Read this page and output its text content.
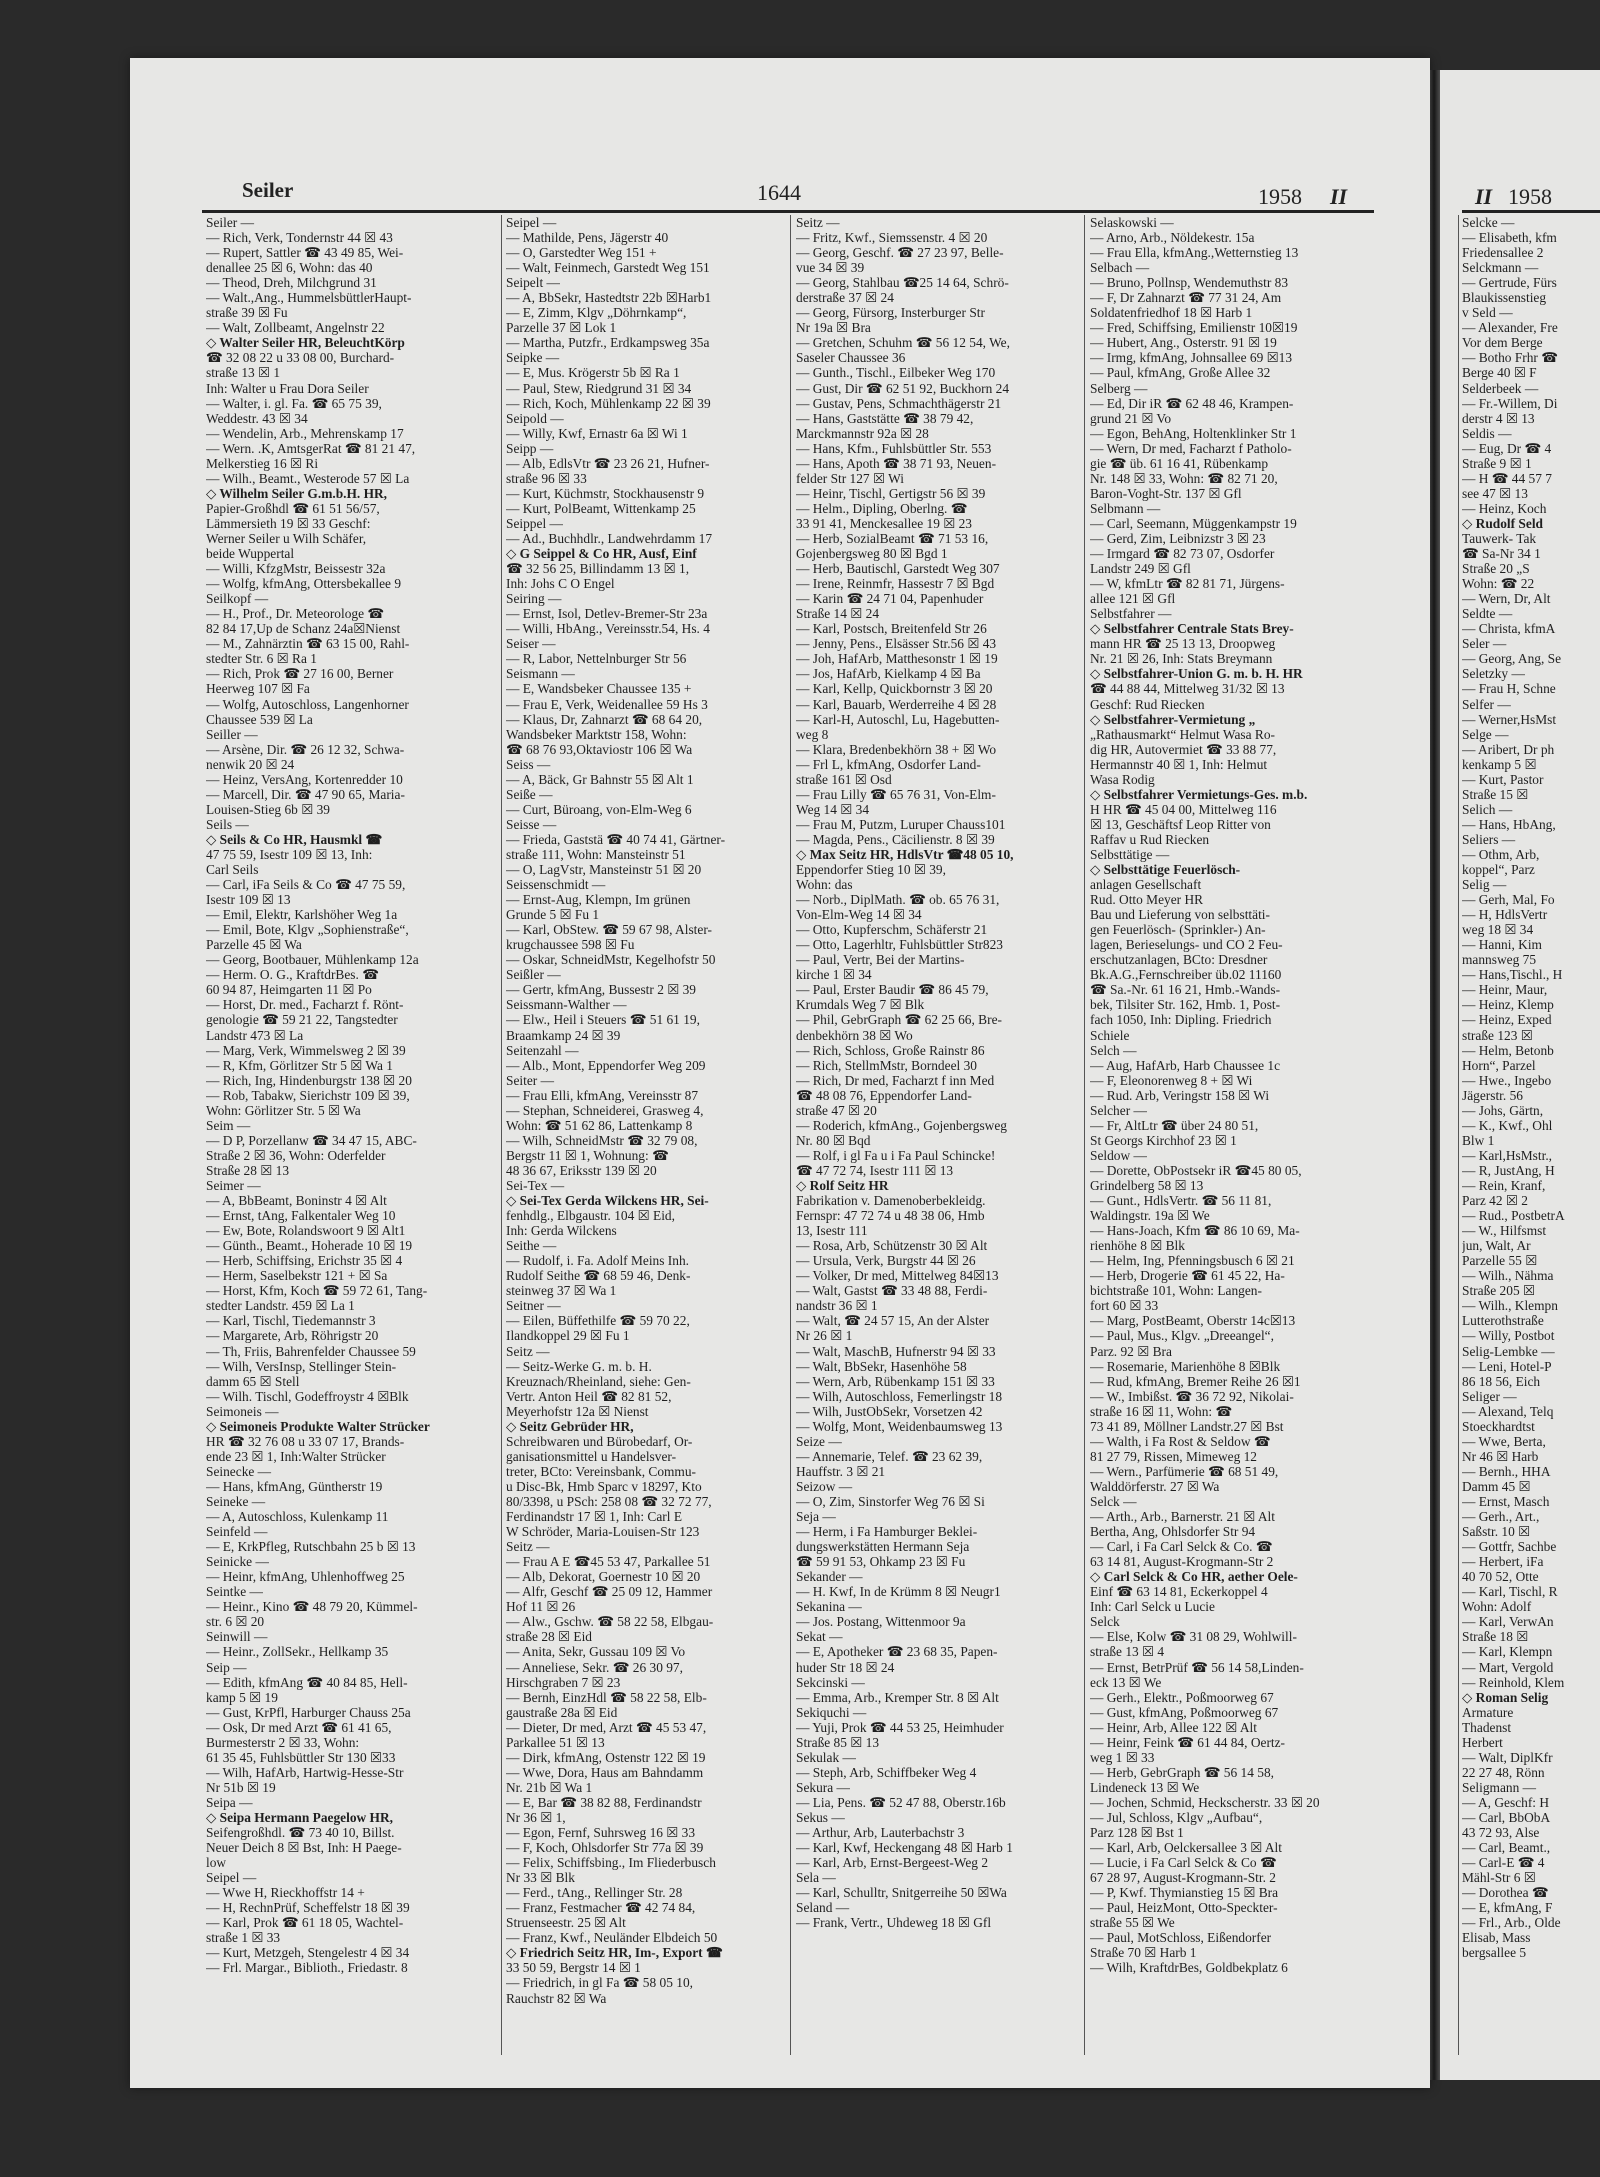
Seiler	1644	1958 II	II 1958
Seiler —
— Rich, Verk, Tondernstr 44 ☒ 43
— Rupert, Sattler ☎ 43 49 85, Wei-
denallee 25 ☒ 6, Wohn: das 40
— Theod, Dreh, Milchgrund 31
— Walt.,Ang., HummelsbüttlerHaupt-
straße 39 ☒ Fu
— Walt, Zollbeamt, Angelnstr 22
◇ Walter Seiler HR, BeleuchtKörp
☎ 32 08 22 u 33 08 00, Burchard-
straße 13 ☒ 1
Inh: Walter u Frau Dora Seiler
— Walter, i. gl. Fa. ☎ 65 75 39,
Weddestr. 43 ☒ 34
— Wendelin, Arb., Mehrenskamp 17
— Wern. .K, AmtsgerRat ☎ 81 21 47,
Melkerstieg 16 ☒ Ri
— Wilh., Beamt., Westerode 57 ☒ La
◇ Wilhelm Seiler G.m.b.H. HR,
Papier-Großhdl ☎ 61 51 56/57,
Lämmersieth 19 ☒ 33 Geschf:
Werner Seiler u Wilh Schäfer,
beide Wuppertal
— Willi, KfzgMstr, Beissestr 32a
— Wolfg, kfmAng, Ottersbekallee 9
Seilkopf —
— H., Prof., Dr. Meteorologe ☎
82 84 17,Up de Schanz 24a☒Nienst
— M., Zahnärztin ☎ 63 15 00, Rahl-
stedter Str. 6 ☒ Ra 1
— Rich, Prok ☎ 27 16 00, Berner
Heerweg 107 ☒ Fa
— Wolfg, Autoschloss, Langenhorner
Chaussee 539 ☒ La
Seiller —
— Arsène, Dir. ☎ 26 12 32, Schwa-
nenwik 20 ☒ 24
— Heinz, VersAng, Kortenredder 10
— Marcell, Dir. ☎ 47 90 65, Maria-
Louisen-Stieg 6b ☒ 39
Seils —
◇ Seils & Co HR, Hausmkl ☎
47 75 59, Isestr 109 ☒ 13, Inh:
Carl Seils
— Carl, iFa Seils & Co ☎ 47 75 59,
Isestr 109 ☒ 13
— Emil, Elektr, Karlshöher Weg 1a
— Emil, Bote, Klgv „Sophienstraße“,
Parzelle 45 ☒ Wa
— Georg, Bootbauer, Mühlenkamp 12a
— Herm. O. G., KraftdrBes. ☎
60 94 87, Heimgarten 11 ☒ Po
— Horst, Dr. med., Facharzt f. Rönt-
genologie ☎ 59 21 22, Tangstedter
Landstr 473 ☒ La
— Marg, Verk, Wimmelsweg 2 ☒ 39
— R, Kfm, Görlitzer Str 5 ☒ Wa 1
— Rich, Ing, Hindenburgstr 138 ☒ 20
— Rob, Tabakw, Sierichstr 109 ☒ 39,
Wohn: Görlitzer Str. 5 ☒ Wa
Seim —
— D P, Porzellanw ☎ 34 47 15, ABC-
Straße 2 ☒ 36, Wohn: Oderfelder
Straße 28 ☒ 13
Seimer —
— A, BbBeamt, Boninstr 4 ☒ Alt
— Ernst, tAng, Falkentaler Weg 10
— Ew, Bote, Rolandswoort 9 ☒ Alt1
— Günth., Beamt., Hoherade 10 ☒ 19
— Herb, Schiffsing, Erichstr 35 ☒ 4
— Herm, Saselbekstr 121 + ☒ Sa
— Horst, Kfm, Koch ☎ 59 72 61, Tang-
stedter Landstr. 459 ☒ La 1
— Karl, Tischl, Tiedemannstr 3
— Margarete, Arb, Röhrigstr 20
— Th, Friis, Bahrenfelder Chaussee 59
— Wilh, VersInsp, Stellinger Stein-
damm 65 ☒ Stell
— Wilh. Tischl, Godeffroystr 4 ☒Blk
Seimoneis —
◇ Seimoneis Produkte Walter Strücker
HR ☎ 32 76 08 u 33 07 17, Brands-
ende 23 ☒ 1, Inh:Walter Strücker
Seinecke —
— Hans, kfmAng, Güntherstr 19
Seineke —
— A, Autoschloss, Kulenkamp 11
Seinfeld —
— E, KrkPfleg, Rutschbahn 25 b ☒ 13
Seinicke —
— Heinr, kfmAng, Uhlenhoffweg 25
Seintke —
— Heinr., Kino ☎ 48 79 20, Kümmel-
str. 6 ☒ 20
Seinwill —
— Heinr., ZollSekr., Hellkamp 35
Seip —
— Edith, kfmAng ☎ 40 84 85, Hell-
kamp 5 ☒ 19
— Gust, KrPfl, Harburger Chauss 25a
— Osk, Dr med Arzt ☎ 61 41 65,
Burmesterstr 2 ☒ 33, Wohn:
61 35 45, Fuhlsbüttler Str 130 ☒33
— Wilh, HafArb, Hartwig-Hesse-Str
Nr 51b ☒ 19
Seipa —
◇ Seipa Hermann Paegelow HR,
Seifengroßhdl. ☎ 73 40 10, Billst.
Neuer Deich 8 ☒ Bst, Inh: H Paege-
low
Seipel —
— Wwe H, Rieckhoffstr 14 +
— H, RechnPrüf, Scheffelstr 18 ☒ 39
— Karl, Prok ☎ 61 18 05, Wachtel-
straße 1 ☒ 33
— Kurt, Metzgeh, Stengelestr 4 ☒ 34
— Frl. Margar., Biblioth., Friedastr. 8
Seipel —
— Mathilde, Pens, Jägerstr 40
— O, Garstedter Weg 151 +
— Walt, Feinmech, Garstedt Weg 151
Seipelt —
— A, BbSekr, Hastedtstr 22b ☒Harb1
— E, Zimm, Klgv „Döhrnkamp“,
Parzelle 37 ☒ Lok 1
— Martha, Putzfr., Erdkampsweg 35a
Seipke —
— E, Mus. Krögerstr 5b ☒ Ra 1
— Paul, Stew, Riedgrund 31 ☒ 34
— Rich, Koch, Mühlenkamp 22 ☒ 39
Seipold —
— Willy, Kwf, Ernastr 6a ☒ Wi 1
Seipp —
— Alb, EdlsVtr ☎ 23 26 21, Hufner-
straße 96 ☒ 33
— Kurt, Küchmstr, Stockhausenstr 9
— Kurt, PolBeamt, Wittenkamp 25
Seippel —
— Ad., Buchhdlr., Landwehrdamm 17
◇ G Seippel & Co HR, Ausf, Einf
☎ 32 56 25, Billindamm 13 ☒ 1,
Inh: Johs C O Engel
Seiring —
— Ernst, Isol, Detlev-Bremer-Str 23a
— Willi, HbAng., Vereinsstr.54, Hs. 4
Seiser —
— R, Labor, Nettelnburger Str 56
Seismann —
— E, Wandsbeker Chaussee 135 +
— Frau E, Verk, Weidenallee 59 Hs 3
— Klaus, Dr, Zahnarzt ☎ 68 64 20,
Wandsbeker Marktstr 158, Wohn:
☎ 68 76 93,Oktaviostr 106 ☒ Wa
Seiss —
— A, Bäck, Gr Bahnstr 55 ☒ Alt 1
Seiße —
— Curt, Büroang, von-Elm-Weg 6
Seisse —
— Frieda, Gaststä ☎ 40 74 41, Gärtner-
straße 111, Wohn: Mansteinstr 51
— O, LagVstr, Mansteinstr 51 ☒ 20
Seissenschmidt —
— Ernst-Aug, Klempn, Im grünen
Grunde 5 ☒ Fu 1
— Karl, ObStew. ☎ 59 67 98, Alster-
krugchaussee 598 ☒ Fu
— Oskar, SchneidMstr, Kegelhofstr 50
Seißler —
— Gertr, kfmAng, Bussestr 2 ☒ 39
Seissmann-Walther —
— Elw., Heil i Steuers ☎ 51 61 19,
Braamkamp 24 ☒ 39
Seitenzahl —
— Alb., Mont, Eppendorfer Weg 209
Seiter —
— Frau Elli, kfmAng, Vereinsstr 87
— Stephan, Schneiderei, Grasweg 4,
Wohn: ☎ 51 62 86, Lattenkamp 8
— Wilh, SchneidMstr ☎ 32 79 08,
Bergstr 11 ☒ 1, Wohnung: ☎
48 36 67, Eriksstr 139 ☒ 20
Sei-Tex —
◇ Sei-Tex Gerda Wilckens HR, Sei-
fenhdlg., Elbgaustr. 104 ☒ Eid,
Inh: Gerda Wilckens
Seithe —
— Rudolf, i. Fa. Adolf Meins Inh.
Rudolf Seithe ☎ 68 59 46, Denk-
steinweg 37 ☒ Wa 1
Seitner —
— Eilen, Büffethilfe ☎ 59 70 22,
Ilandkoppel 29 ☒ Fu 1
Seitz —
— Seitz-Werke G. m. b. H.
Kreuznach/Rheinland, siehe: Gen-
Vertr. Anton Heil ☎ 82 81 52,
Meyerhofstr 12a ☒ Nienst
◇ Seitz Gebrüder HR,
Schreibwaren und Bürobedarf, Or-
ganisationsmittel u Handelsver-
treter, BCto: Vereinsbank, Commu-
u Disc-Bk, Hmb Sparc v 18297, Kto
80/3398, u PSch: 258 08 ☎ 32 72 77,
Ferdinandstr 17 ☒ 1, Inh: Carl E
W Schröder, Maria-Louisen-Str 123
Seitz —
— Frau A E ☎45 53 47, Parkallee 51
— Alb, Dekorat, Goernestr 10 ☒ 20
— Alfr, Geschf ☎ 25 09 12, Hammer
Hof 11 ☒ 26
— Alw., Gschw. ☎ 58 22 58, Elbgau-
straße 28 ☒ Eid
— Anita, Sekr, Gussau 109 ☒ Vo
— Anneliese, Sekr. ☎ 26 30 97,
Hirschgraben 7 ☒ 23
— Bernh, EinzHdl ☎ 58 22 58, Elb-
gaustraße 28a ☒ Eid
— Dieter, Dr med, Arzt ☎ 45 53 47,
Parkallee 51 ☒ 13
— Dirk, kfmAng, Ostenstr 122 ☒ 19
— Wwe, Dora, Haus am Bahndamm
Nr. 21b ☒ Wa 1
— E, Bar ☎ 38 82 88, Ferdinandstr
Nr 36 ☒ 1,
— Egon, Fernf, Suhrsweg 16 ☒ 33
— F, Koch, Ohlsdorfer Str 77a ☒ 39
— Felix, Schiffsbing., Im Fliederbusch
Nr 33 ☒ Blk
— Ferd., tAng., Rellinger Str. 28
— Franz, Festmacher ☎ 42 74 84,
Struenseestr. 25 ☒ Alt
— Franz, Kwf., Neuländer Elbdeich 50
◇ Friedrich Seitz HR, Im-, Export ☎
33 50 59, Bergstr 14 ☒ 1
— Friedrich, in gl Fa ☎ 58 05 10,
Rauchstr 82 ☒ Wa
Seitz —
— Fritz, Kwf., Siemssenstr. 4 ☒ 20
— Georg, Geschf. ☎ 27 23 97, Belle-
vue 34 ☒ 39
— Georg, Stahlbau ☎25 14 64, Schrö-
derstraße 37 ☒ 24
— Georg, Fürsorg, Insterburger Str
Nr 19a ☒ Bra
— Gretchen, Schuhm ☎ 56 12 54, We,
Saseler Chaussee 36
— Gunth., Tischl., Eilbeker Weg 170
— Gust, Dir ☎ 62 51 92, Buckhorn 24
— Gustav, Pens, Schmachthägerstr 21
— Hans, Gaststätte ☎ 38 79 42,
Marckmannstr 92a ☒ 28
— Hans, Kfm., Fuhlsbüttler Str. 553
— Hans, Apoth ☎ 38 71 93, Neuen-
felder Str 127 ☒ Wi
— Heinr, Tischl, Gertigstr 56 ☒ 39
— Helm., Dipling, Oberlng. ☎
33 91 41, Menckesallee 19 ☒ 23
— Herb, SozialBeamt ☎ 71 53 16,
Gojenbergsweg 80 ☒ Bgd 1
— Herb, Bautischl, Garstedt Weg 307
— Irene, Reinmfr, Hassestr 7 ☒ Bgd
— Karin ☎ 24 71 04, Papenhuder
Straße 14 ☒ 24
— Karl, Postsch, Breitenfeld Str 26
— Jenny, Pens., Elsässer Str.56 ☒ 43
— Joh, HafArb, Matthesonstr 1 ☒ 19
— Jos, HafArb, Kielkamp 4 ☒ Ba
— Karl, Kellp, Quickbornstr 3 ☒ 20
— Karl, Bauarb, Werderreihe 4 ☒ 28
— Karl-H, Autoschl, Lu, Hagebutten-
weg 8
— Klara, Bredenbekhörn 38 + ☒ Wo
— Frl L, kfmAng, Osdorfer Land-
straße 161 ☒ Osd
— Frau Lilly ☎ 65 76 31, Von-Elm-
Weg 14 ☒ 34
— Frau M, Putzm, Luruper Chauss101
— Magda, Pens., Cäcilienstr. 8 ☒ 39
◇ Max Seitz HR, HdlsVtr ☎48 05 10,
Eppendorfer Stieg 10 ☒ 39,
Wohn: das
— Norb., DiplMath. ☎ ob. 65 76 31,
Von-Elm-Weg 14 ☒ 34
— Otto, Kupferschm, Schäferstr 21
— Otto, Lagerhltr, Fuhlsbüttler Str823
— Paul, Vertr, Bei der Martins-
kirche 1 ☒ 34
— Paul, Erster Baudir ☎ 86 45 79,
Krumdals Weg 7 ☒ Blk
— Phil, GebrGraph ☎ 62 25 66, Bre-
denbekhörn 38 ☒ Wo
— Rich, Schloss, Große Rainstr 86
— Rich, StellmMstr, Borndeel 30
— Rich, Dr med, Facharzt f inn Med
☎ 48 08 76, Eppendorfer Land-
straße 47 ☒ 20
— Roderich, kfmAng., Gojenbergsweg
Nr. 80 ☒ Bqd
— Rolf, i gl Fa u i Fa Paul Schincke!
☎ 47 72 74, Isestr 111 ☒ 13
◇ Rolf Seitz HR
Fabrikation v. Damenoberbekleidg.
Fernspr: 47 72 74 u 48 38 06, Hmb
13, Isestr 111
— Rosa, Arb, Schützenstr 30 ☒ Alt
— Ursula, Verk, Burgstr 44 ☒ 26
— Volker, Dr med, Mittelweg 84☒13
— Walt, Gastst ☎ 33 48 88, Ferdi-
nandstr 36 ☒ 1
— Walt, ☎ 24 57 15, An der Alster
Nr 26 ☒ 1
— Walt, MaschB, Hufnerstr 94 ☒ 33
— Walt, BbSekr, Hasenhöhe 58
— Wern, Arb, Rübenkamp 151 ☒ 33
— Wilh, Autoschloss, Femerlingstr 18
— Wilh, JustObSekr, Vorsetzen 42
— Wolfg, Mont, Weidenbaumsweg 13
Seize —
— Annemarie, Telef. ☎ 23 62 39,
Hauffstr. 3 ☒ 21
Seizow —
— O, Zim, Sinstorfer Weg 76 ☒ Si
Seja —
— Herm, i Fa Hamburger Beklei-
dungswerkstätten Hermann Seja
☎ 59 91 53, Ohkamp 23 ☒ Fu
Sekander —
— H. Kwf, In de Krümm 8 ☒ Neugr1
Sekanina —
— Jos. Postang, Wittenmoor 9a
Sekat —
— E, Apotheker ☎ 23 68 35, Papen-
huder Str 18 ☒ 24
Sekcinski —
— Emma, Arb., Kremper Str. 8 ☒ Alt
Sekiquchi —
— Yuji, Prok ☎ 44 53 25, Heimhuder
Straße 85 ☒ 13
Sekulak —
— Steph, Arb, Schiffbeker Weg 4
Sekura —
— Lia, Pens. ☎ 52 47 88, Oberstr.16b
Sekus —
— Arthur, Arb, Lauterbachstr 3
— Karl, Kwf, Heckengang 48 ☒ Harb 1
— Karl, Arb, Ernst-Bergeest-Weg 2
Sela —
— Karl, Schulltr, Snitgerreihe 50 ☒Wa
Seland —
— Frank, Vertr., Uhdeweg 18 ☒ Gfl
Selaskowski —
— Arno, Arb., Nöldekestr. 15a
— Frau Ella, kfmAng.,Wetternstieg 13
Selbach —
— Bruno, Pollnsp, Wendemuthstr 83
— F, Dr Zahnarzt ☎ 77 31 24, Am
Soldatenfriedhof 18 ☒ Harb 1
— Fred, Schiffsing, Emilienstr 10☒19
— Hubert, Ang., Osterstr. 91 ☒ 19
— Irmg, kfmAng, Johnsallee 69 ☒13
— Paul, kfmAng, Große Allee 32
Selberg —
— Ed, Dir iR ☎ 62 48 46, Krampen-
grund 21 ☒ Vo
— Egon, BehAng, Holtenklinker Str 1
— Wern, Dr med, Facharzt f Patholo-
gie ☎ üb. 61 16 41, Rübenkamp
Nr. 148 ☒ 33, Wohn: ☎ 82 71 20,
Baron-Voght-Str. 137 ☒ Gfl
Selbmann —
— Carl, Seemann, Müggenkampstr 19
— Gerd, Zim, Leibnizstr 3 ☒ 23
— Irmgard ☎ 82 73 07, Osdorfer
Landstr 249 ☒ Gfl
— W, kfmLtr ☎ 82 81 71, Jürgens-
allee 121 ☒ Gfl
Selbstfahrer —
◇ Selbstfahrer Centrale Stats Brey-
mann HR ☎ 25 13 13, Droopweg
Nr. 21 ☒ 26, Inh: Stats Breymann
◇ Selbstfahrer-Union G. m. b. H. HR
☎ 44 88 44, Mittelweg 31/32 ☒ 13
Geschf: Rud Riecken
◇ Selbstfahrer-Vermietung „
„Rathausmarkt“ Helmut Wasa Ro-
dig HR, Autovermiet ☎ 33 88 77,
Hermannstr 40 ☒ 1, Inh: Helmut
Wasa Rodig
◇ Selbstfahrer Vermietungs-Ges. m.b.
H HR ☎ 45 04 00, Mittelweg 116
☒ 13, Geschäftsf Leop Ritter von
Raffav u Rud Riecken
Selbsttätige —
◇ Selbsttätige Feuerlösch-
anlagen Gesellschaft
Rud. Otto Meyer HR
Bau und Lieferung von selbsttäti-
gen Feuerlösch- (Sprinkler-) An-
lagen, Berieselungs- und CO 2 Feu-
erschutzanlagen, BCto: Dresdner
Bk.A.G.,Fernschreiber üb.02 11160
☎ Sa.-Nr. 61 16 21, Hmb.-Wands-
bek, Tilsiter Str. 162, Hmb. 1, Post-
fach 1050, Inh: Dipling. Friedrich
Schiele
Selch —
— Aug, HafArb, Harb Chaussee 1c
— F, Eleonorenweg 8 + ☒ Wi
— Rud. Arb, Veringstr 158 ☒ Wi
Selcher —
— Fr, AltLtr ☎ über 24 80 51,
St Georgs Kirchhof 23 ☒ 1
Seldow —
— Dorette, ObPostsekr iR ☎45 80 05,
Grindelberg 58 ☒ 13
— Gunt., HdlsVertr. ☎ 56 11 81,
Waldingstr. 19a ☒ We
— Hans-Joach, Kfm ☎ 86 10 69, Ma-
rienhöhe 8 ☒ Blk
— Helm, Ing, Pfenningsbusch 6 ☒ 21
— Herb, Drogerie ☎ 61 45 22, Ha-
bichtstraße 101, Wohn: Langen-
fort 60 ☒ 33
— Marg, PostBeamt, Oberstr 14c☒13
— Paul, Mus., Klgv. „Dreeangel“,
Parz. 92 ☒ Bra
— Rosemarie, Marienhöhe 8 ☒Blk
— Rud, kfmAng, Bremer Reihe 26 ☒1
— W., Imbißst. ☎ 36 72 92, Nikolai-
straße 16 ☒ 11, Wohn: ☎
73 41 89, Möllner Landstr.27 ☒ Bst
— Walth, i Fa Rost & Seldow ☎
81 27 79, Rissen, Mimeweg 12
— Wern., Parfümerie ☎ 68 51 49,
Walddörferstr. 27 ☒ Wa
Selck —
— Arth., Arb., Barnerstr. 21 ☒ Alt
Bertha, Ang, Ohlsdorfer Str 94
— Carl, i Fa Carl Selck & Co. ☎
63 14 81, August-Krogmann-Str 2
◇ Carl Selck & Co HR, aether Oele-
Einf ☎ 63 14 81, Eckerkoppel 4
Inh: Carl Selck u Lucie
Selck
— Else, Kolw ☎ 31 08 29, Wohlwill-
straße 13 ☒ 4
— Ernst, BetrPrüf ☎ 56 14 58,Linden-
eck 13 ☒ We
— Gerh., Elektr., Poßmoorweg 67
— Gust, kfmAng, Poßmoorweg 67
— Heinr, Arb, Allee 122 ☒ Alt
— Heinr, Feink ☎ 61 44 84, Oertz-
weg 1 ☒ 33
— Herb, GebrGraph ☎ 56 14 58,
Lindeneck 13 ☒ We
— Jochen, Schmid, Heckscherstr. 33 ☒ 20
— Jul, Schloss, Klgv „Aufbau“,
Parz 128 ☒ Bst 1
— Karl, Arb, Oelckersallee 3 ☒ Alt
— Lucie, i Fa Carl Selck & Co ☎
67 28 97, August-Krogmann-Str. 2
— P, Kwf. Thymianstieg 15 ☒ Bra
— Paul, HeizMont, Otto-Speckter-
straße 55 ☒ We
— Paul, MotSchloss, Eißendorfer
Straße 70 ☒ Harb 1
— Wilh, KraftdrBes, Goldbekplatz 6
Selcke —
— Elisabeth, kfm
Friedensallee 2
Selckmann —
— Gertrude, Fürs
Blaukissenstieg
v Seld —
— Alexander, Fre
Vor dem Berge
— Botho Frhr ☎
Berge 40 ☒ F
Selderbeek —
— Fr.-Willem, Di
derstr 4 ☒ 13
Seldis —
— Eug, Dr ☎ 4
Straße 9 ☒ 1
— H ☎ 44 57 7
see 47 ☒ 13
— Heinz, Koch
◇ Rudolf Seld
Tauwerk- Tak
☎ Sa-Nr 34 1
Straße 20 „S
Wohn: ☎ 22
— Wern, Dr, Alt
Seldte —
— Christa, kfmA
Seler —
— Georg, Ang, Se
Seletzky —
— Frau H, Schne
Selfer —
— Werner,HsMst
Selge —
— Aribert, Dr ph
kenkamp 5 ☒
— Kurt, Pastor
Straße 15 ☒
Selich —
— Hans, HbAng,
Seliers —
— Othm, Arb,
koppel“, Parz
Selig —
— Gerh, Mal, Fo
— H, HdlsVertr
weg 18 ☒ 34
— Hanni, Kim
mannsweg 75
— Hans,Tischl., H
— Heinr, Maur,
— Heinz, Klemp
— Heinz, Exped
straße 123 ☒
— Helm, Betonb
Horn“, Parzel
— Hwe., Ingebo
Jägerstr. 56
— Johs, Gärtn,
— K., Kwf., Ohl
Blw 1
— Karl,HsMstr.,
— R, JustAng, H
— Rein, Kranf,
Parz 42 ☒ 2
— Rud., PostbetrA
— W., Hilfsmst
jun, Walt, Ar
Parzelle 55 ☒
— Wilh., Nähma
Straße 205 ☒
— Wilh., Klempn
Lutterothstraße
— Willy, Postbot
Selig-Lembke —
— Leni, Hotel-P
86 18 56, Eich
Seliger —
— Alexand, Telq
Stoeckhardtst
— Wwe, Berta,
Nr 46 ☒ Harb
— Bernh., HHA
Damm 45 ☒
— Ernst, Masch
— Gerh., Art.,
Saßstr. 10 ☒
— Gottfr, Sachbe
— Herbert, iFa
40 70 52, Otte
— Karl, Tischl, R
Wohn: Adolf
— Karl, VerwAn
Straße 18 ☒
— Karl, Klempn
— Mart, Vergold
— Reinhold, Klem
◇ Roman Selig
Armature
Thadenst
Herbert
— Walt, DiplKfr
22 27 48, Rönn
Seligmann —
— A, Geschf: H
— Carl, BbObA
43 72 93, Alse
— Carl, Beamt.,
— Carl-E ☎ 4
Mähl-Str 6 ☒
— Dorothea ☎
— E, kfmAng, F
— Frl., Arb., Olde
Elisab, Mass
bergsallee 5
